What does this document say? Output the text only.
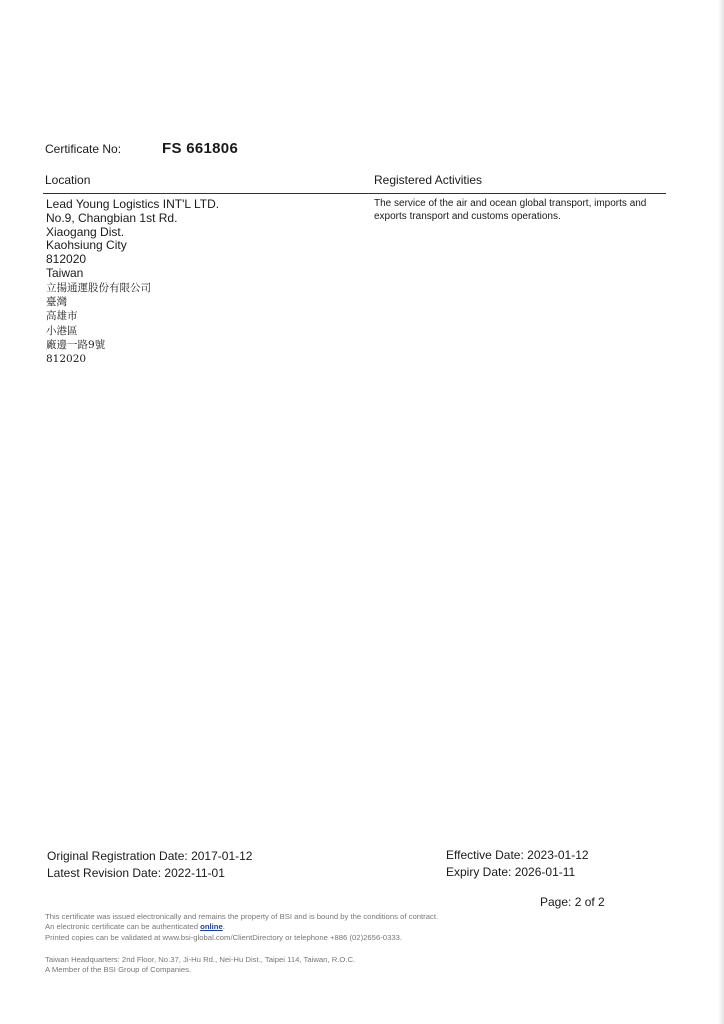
Certificate No:	FS 661806
Location	Registered Activities
Lead Young Logistics INT'L LTD.
No.9, Changbian 1st Rd.
Xiaogang Dist.
Kaohsiung City
812020
Taiwan
立揚通運股份有限公司
臺灣
高雄市
小港區
廠邊一路9號
812020
The service of the air and ocean global transport, imports and exports transport and customs operations.
Original Registration Date: 2017-01-12
Latest Revision Date: 2022-11-01
Effective Date: 2023-01-12
Expiry Date: 2026-01-11
Page: 2 of 2
This certificate was issued electronically and remains the property of BSI and is bound by the conditions of contract.
An electronic certificate can be authenticated online.
Printed copies can be validated at www.bsi-global.com/ClientDirectory or telephone +886 (02)2656-0333.
Taiwan Headquarters: 2nd Floor, No.37, Ji-Hu Rd., Nei-Hu Dist., Taipei 114, Taiwan, R.O.C.
A Member of the BSI Group of Companies.
